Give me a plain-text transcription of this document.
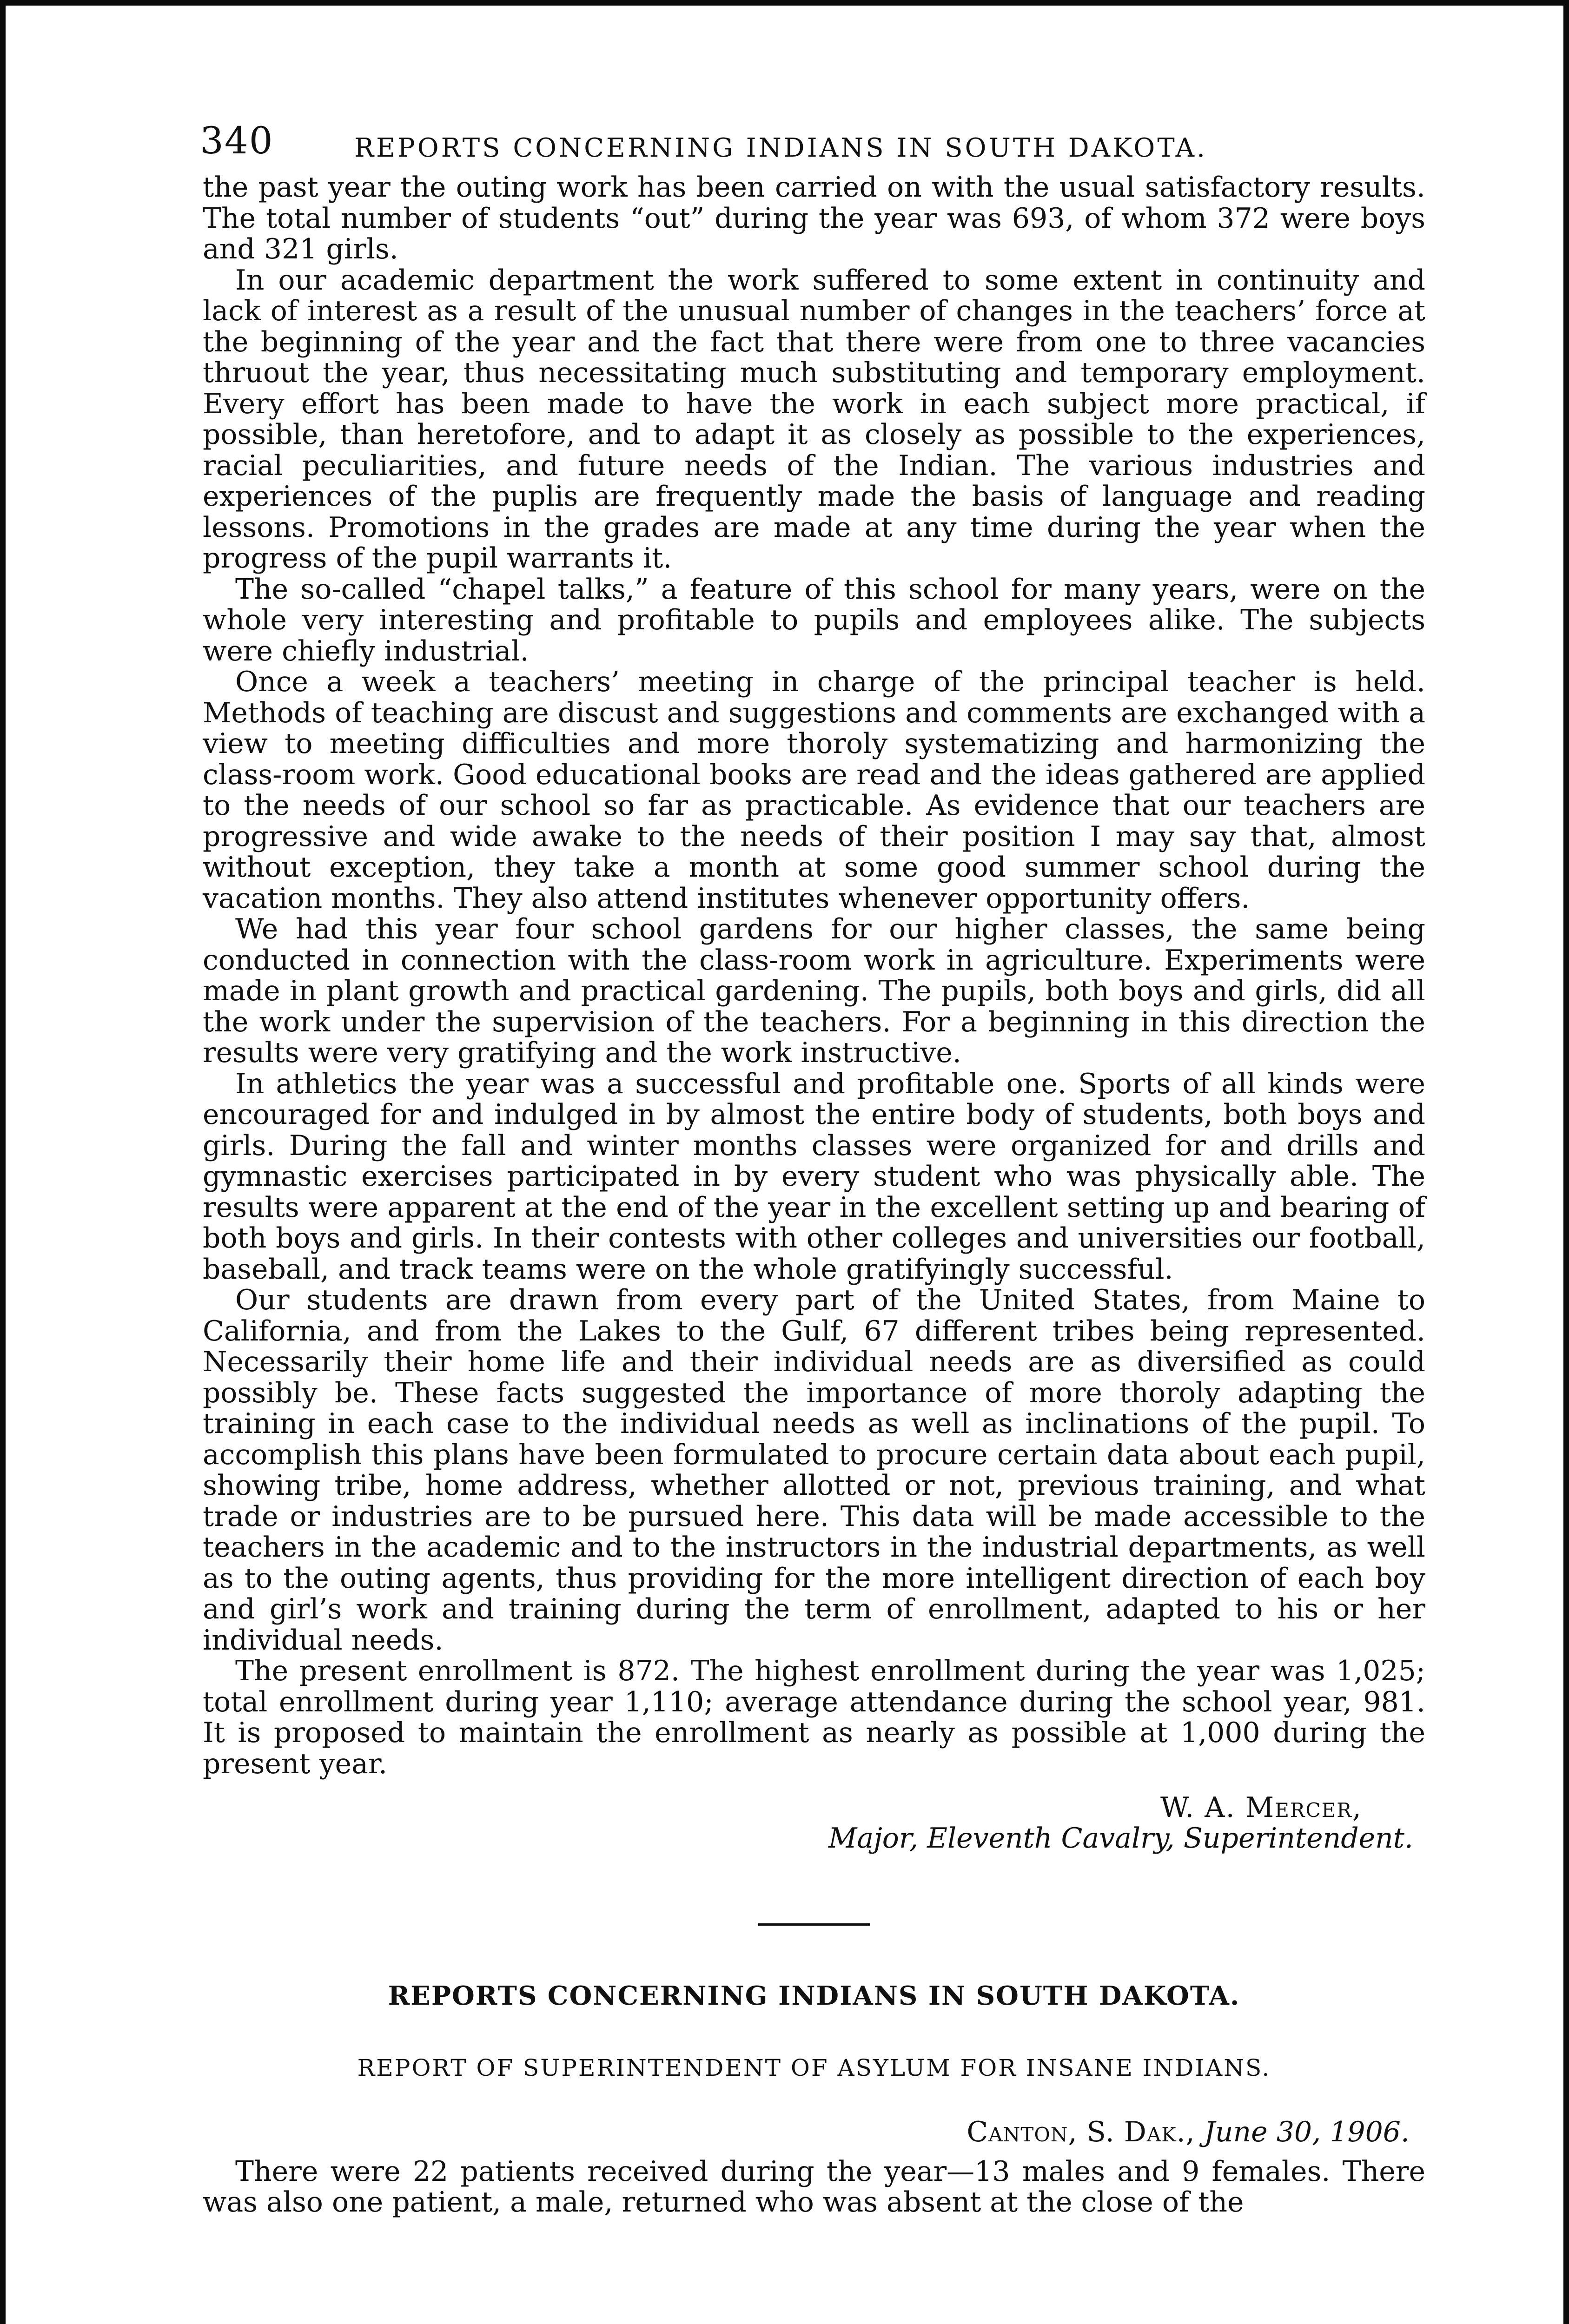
340	REPORTS CONCERNING INDIANS IN SOUTH DAKOTA.

the past year the outing work has been carried on with the usual satisfactory results. The total number of students “out” during the year was 693, of whom 372 were boys and 321 girls.

In our academic department the work suffered to some extent in continuity and lack of interest as a result of the unusual number of changes in the teachers’ force at the beginning of the year and the fact that there were from one to three vacancies thruout the year, thus necessitating much substituting and temporary employment. Every effort has been made to have the work in each subject more practical, if possible, than heretofore, and to adapt it as closely as possible to the experiences, racial peculiarities, and future needs of the Indian. The various industries and experiences of the puplis are frequently made the basis of language and reading lessons. Promotions in the grades are made at any time during the year when the progress of the pupil warrants it.

The so-called “chapel talks,” a feature of this school for many years, were on the whole very interesting and profitable to pupils and employees alike. The subjects were chiefly industrial.

Once a week a teachers’ meeting in charge of the principal teacher is held. Methods of teaching are discust and suggestions and comments are exchanged with a view to meeting difficulties and more thoroly systematizing and harmonizing the class-room work. Good educational books are read and the ideas gathered are applied to the needs of our school so far as practicable. As evidence that our teachers are progressive and wide awake to the needs of their position I may say that, almost without exception, they take a month at some good summer school during the vacation months. They also attend institutes whenever opportunity offers.

We had this year four school gardens for our higher classes, the same being conducted in connection with the class-room work in agriculture. Experiments were made in plant growth and practical gardening. The pupils, both boys and girls, did all the work under the supervision of the teachers. For a beginning in this direction the results were very gratifying and the work instructive.

In athletics the year was a successful and profitable one. Sports of all kinds were encouraged for and indulged in by almost the entire body of students, both boys and girls. During the fall and winter months classes were organized for and drills and gymnastic exercises participated in by every student who was physically able. The results were apparent at the end of the year in the excellent setting up and bearing of both boys and girls. In their contests with other colleges and universities our football, baseball, and track teams were on the whole gratifyingly successful.

Our students are drawn from every part of the United States, from Maine to California, and from the Lakes to the Gulf, 67 different tribes being represented. Necessarily their home life and their individual needs are as diversified as could possibly be. These facts suggested the importance of more thoroly adapting the training in each case to the individual needs as well as inclinations of the pupil. To accomplish this plans have been formulated to procure certain data about each pupil, showing tribe, home address, whether allotted or not, previous training, and what trade or industries are to be pursued here. This data will be made accessible to the teachers in the academic and to the instructors in the industrial departments, as well as to the outing agents, thus providing for the more intelligent direction of each boy and girl’s work and training during the term of enrollment, adapted to his or her individual needs.

The present enrollment is 872. The highest enrollment during the year was 1,025; total enrollment during year 1,110; average attendance during the school year, 981. It is proposed to maintain the enrollment as nearly as possible at 1,000 during the present year.

W. A. Mercer,
Major, Eleventh Cavalry, Superintendent.
REPORTS CONCERNING INDIANS IN SOUTH DAKOTA.
REPORT OF SUPERINTENDENT OF ASYLUM FOR INSANE INDIANS.
Canton, S. Dak., June 30, 1906.

There were 22 patients received during the year—13 males and 9 females. There was also one patient, a male, returned who was absent at the close of the
